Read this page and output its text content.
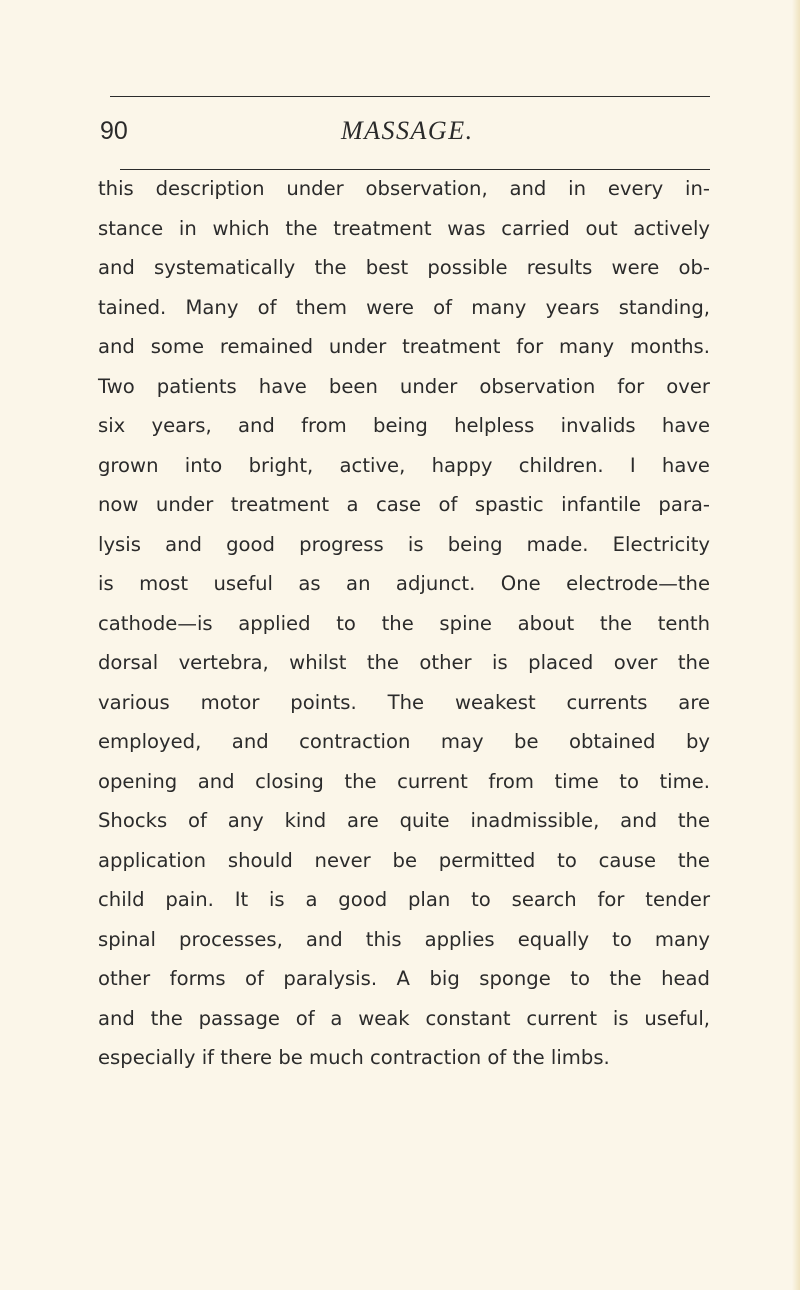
90	MASSAGE.
this description under observation, and in every in-
stance in which the treatment was carried out actively
and systematically the best possible results were ob-
tained. Many of them were of many years standing,
and some remained under treatment for many months.
Two patients have been under observation for over
six years, and from being helpless invalids have
grown into bright, active, happy children. I have
now under treatment a case of spastic infantile para-
lysis and good progress is being made. Electricity
is most useful as an adjunct. One electrode—the
cathode—is applied to the spine about the tenth
dorsal vertebra, whilst the other is placed over the
various motor points. The weakest currents are
employed, and contraction may be obtained by
opening and closing the current from time to time.
Shocks of any kind are quite inadmissible, and the
application should never be permitted to cause the
child pain. It is a good plan to search for tender
spinal processes, and this applies equally to many
other forms of paralysis. A big sponge to the head
and the passage of a weak constant current is useful,
especially if there be much contraction of the limbs.
